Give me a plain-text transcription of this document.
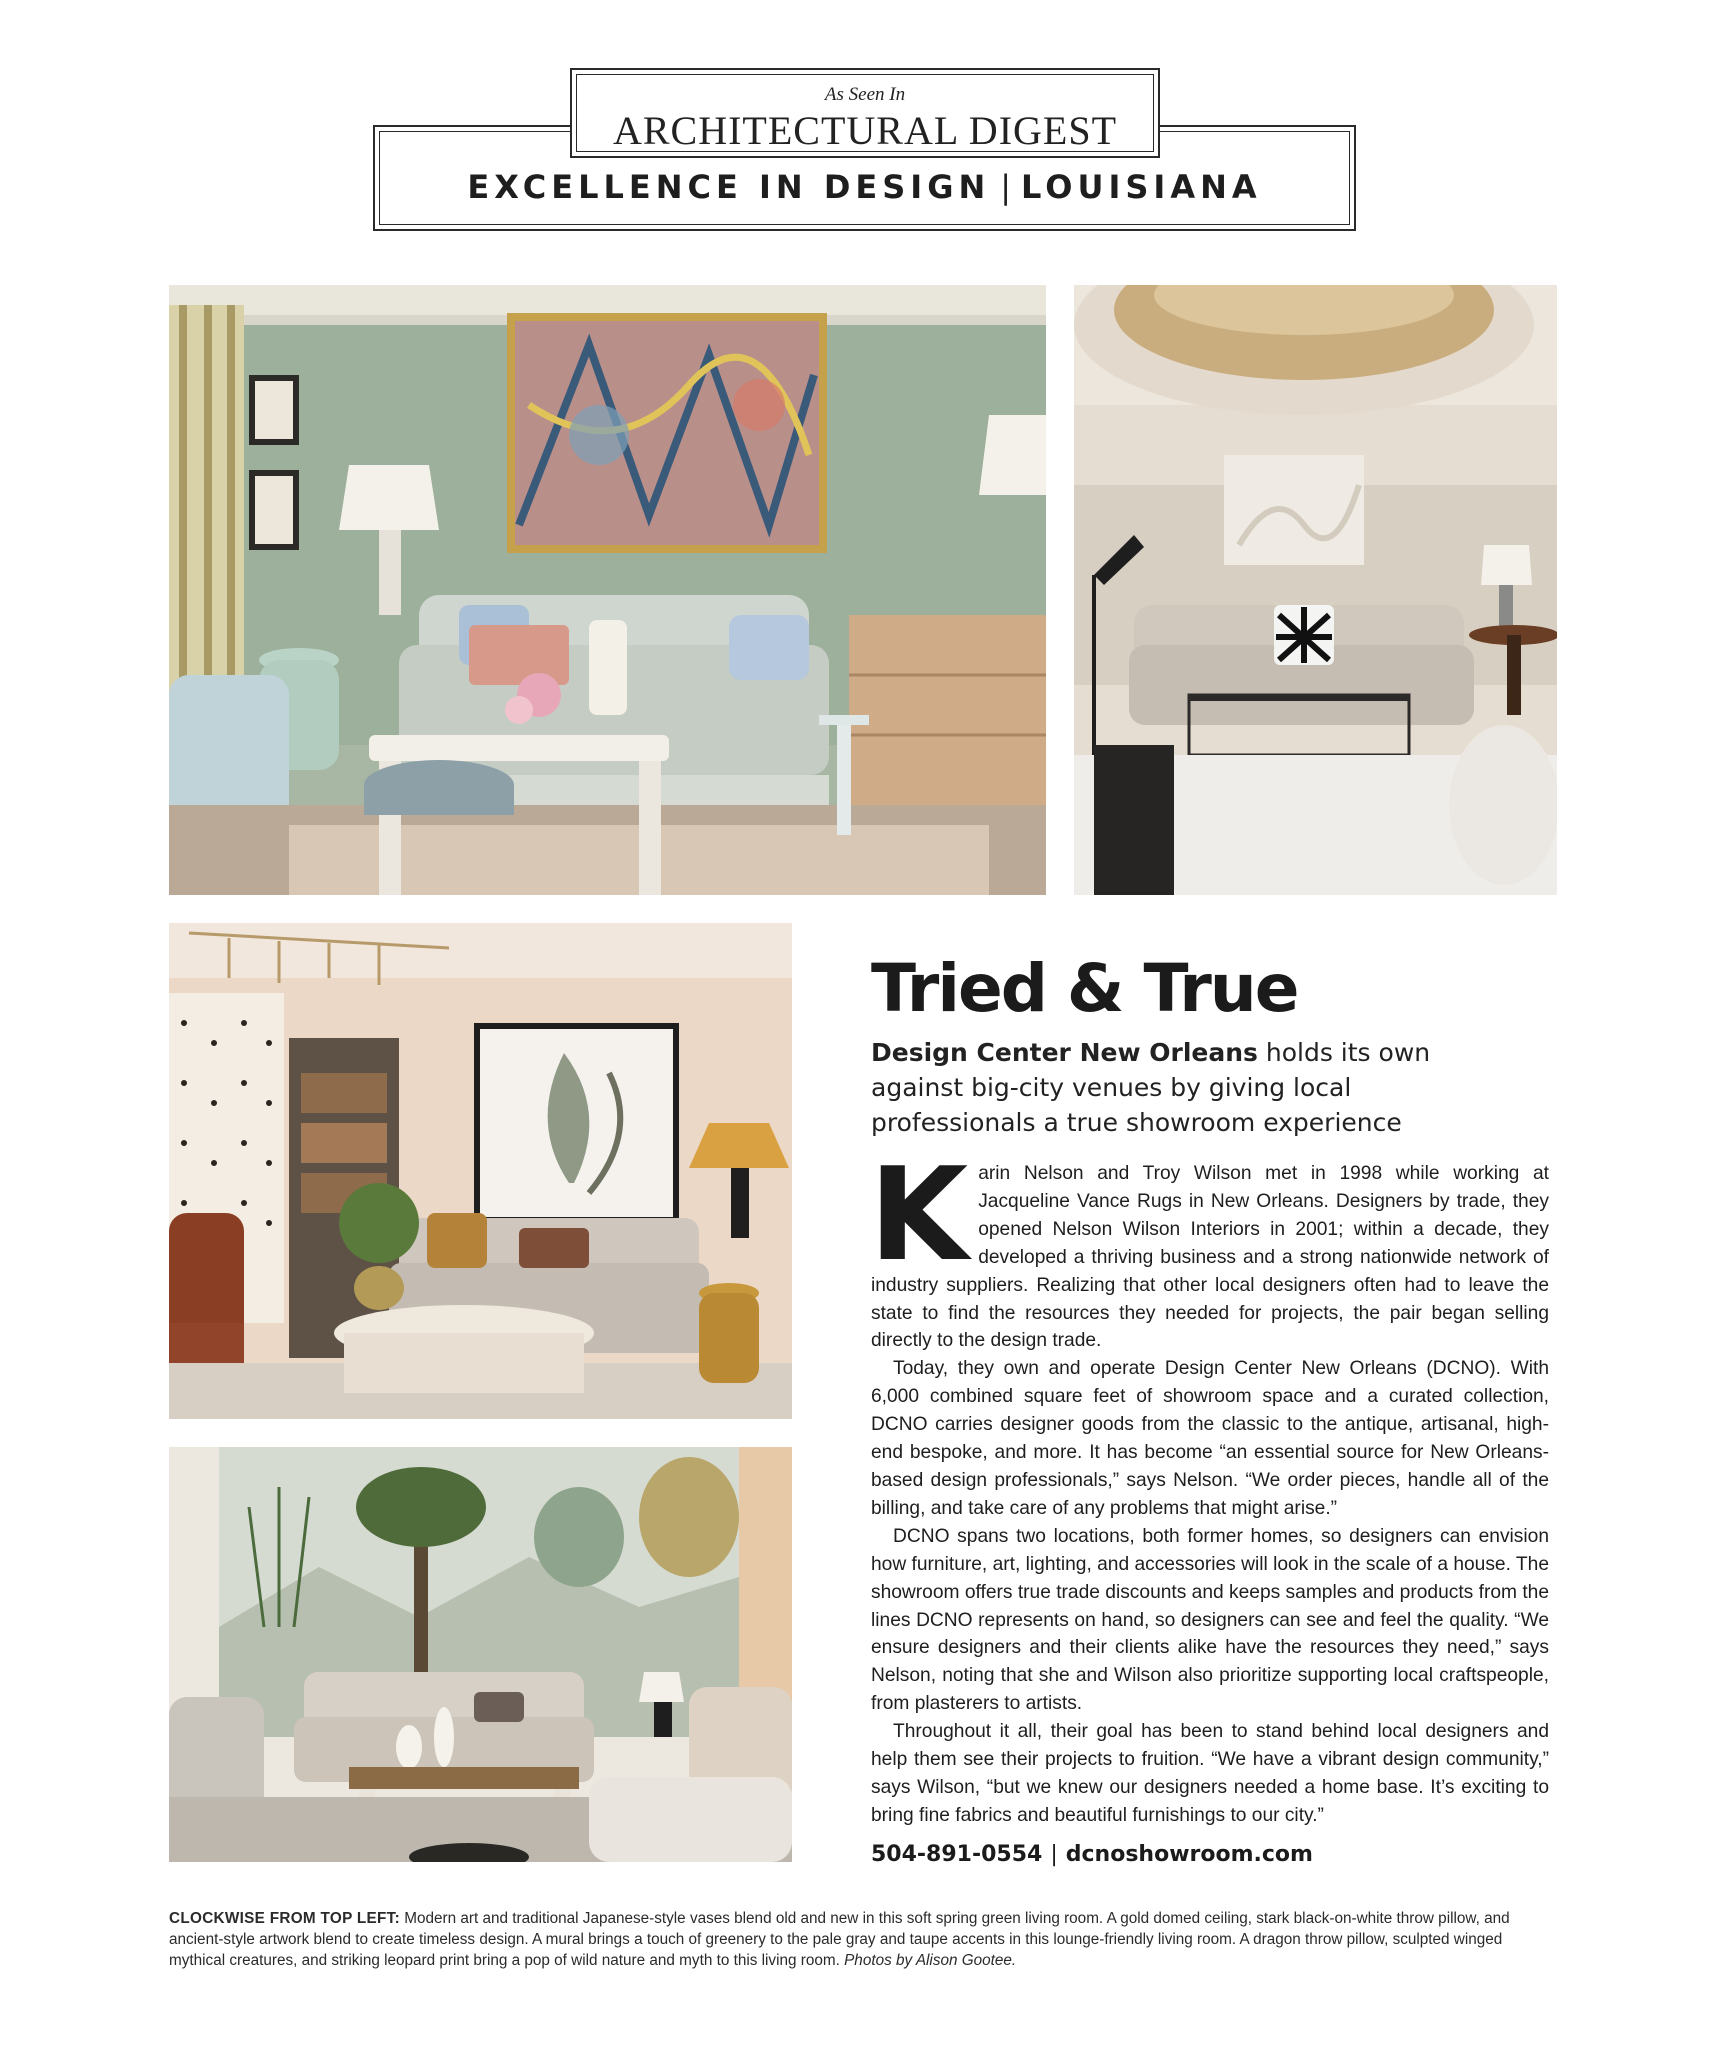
As Seen In
ARCHITECTURAL DIGEST
EXCELLENCE IN DESIGN | LOUISIANA
Tried & True

Design Center New Orleans holds its own against big-city venues by giving local professionals a true showroom experience

Karin Nelson and Troy Wilson met in 1998 while working at Jacqueline Vance Rugs in New Orleans. Designers by trade, they opened Nelson Wilson Interiors in 2001; within a decade, they developed a thriving business and a strong nationwide network of industry suppliers. Realizing that other local designers often had to leave the state to find the resources they needed for projects, the pair began selling directly to the design trade.

Today, they own and operate Design Center New Orleans (DCNO). With 6,000 combined square feet of showroom space and a curated collection, DCNO carries designer goods from the classic to the antique, artisanal, high-end bespoke, and more. It has become “an essential source for New Orleans-based design professionals,” says Nelson. “We order pieces, handle all of the billing, and take care of any problems that might arise.”

DCNO spans two locations, both former homes, so designers can envision how furniture, art, lighting, and accessories will look in the scale of a house. The showroom offers true trade discounts and keeps samples and products from the lines DCNO represents on hand, so designers can see and feel the quality. “We ensure designers and their clients alike have the resources they need,” says Nelson, noting that she and Wilson also prioritize supporting local craftspeople, from plasterers to artists.

Throughout it all, their goal has been to stand behind local designers and help them see their projects to fruition. “We have a vibrant design community,” says Wilson, “but we knew our designers needed a home base. It’s exciting to bring fine fabrics and beautiful furnishings to our city.”

504-891-0554 | dcnoshowroom.com

CLOCKWISE FROM TOP LEFT: Modern art and traditional Japanese-style vases blend old and new in this soft spring green living room. A gold domed ceiling, stark black-on-white throw pillow, and ancient-style artwork blend to create timeless design. A mural brings a touch of greenery to the pale gray and taupe accents in this lounge-friendly living room. A dragon throw pillow, sculpted winged mythical creatures, and striking leopard print bring a pop of wild nature and myth to this living room. Photos by Alison Gootee.
